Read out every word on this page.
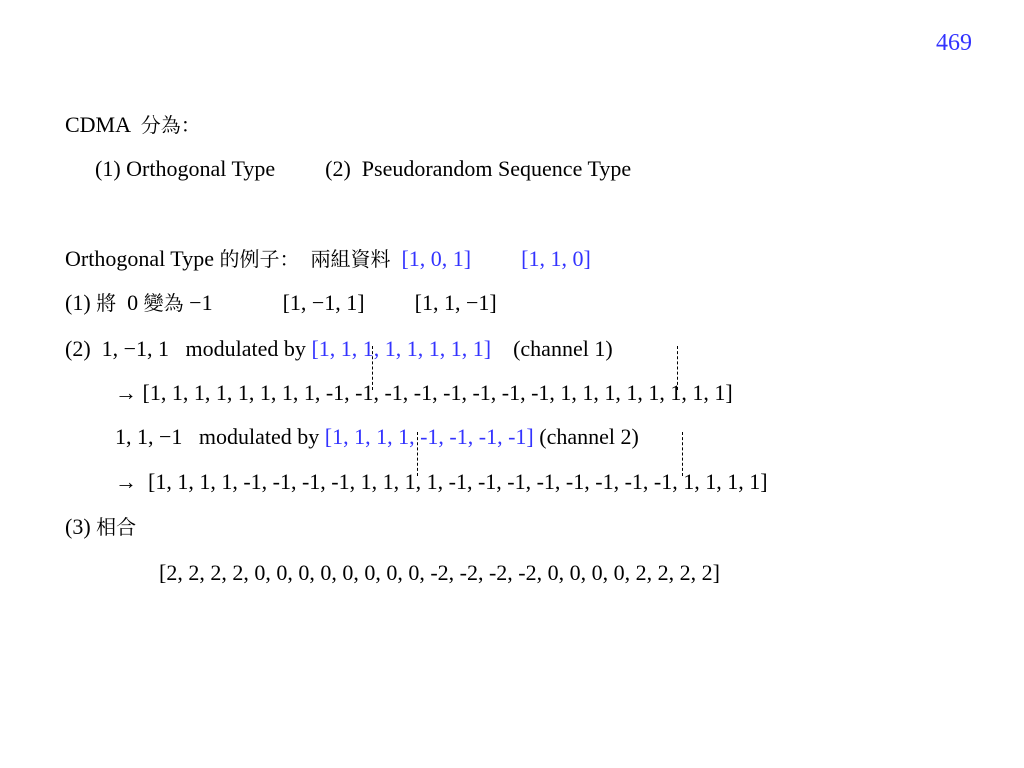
469

CDMA 分為：

(1) Orthogonal Type (2)  Pseudorandom Sequence Type

Orthogonal Type 的例子： 兩組資料 [1, 0, 1] [1, 1, 0]

(1) 將 0 變為 −1	[1, −1, 1] [1, 1, −1]

(2)  1, −1, 1   modulated by [1, 1, 1, 1, 1, 1, 1, 1] (channel 1)

→ [1, 1, 1, 1, 1, 1, 1, 1, -1, -1, -1, -1, -1, -1, -1, -1, 1, 1, 1, 1, 1, 1, 1, 1]

1, 1, −1   modulated by [1, 1, 1, 1, -1, -1, -1, -1] (channel 2)

→ [1, 1, 1, 1, -1, -1, -1, -1, 1, 1, 1, 1, -1, -1, -1, -1, -1, -1, -1, -1, 1, 1, 1, 1]

(3) 相合

[2, 2, 2, 2, 0, 0, 0, 0, 0, 0, 0, 0, -2, -2, -2, -2, 0, 0, 0, 0, 2, 2, 2, 2]
